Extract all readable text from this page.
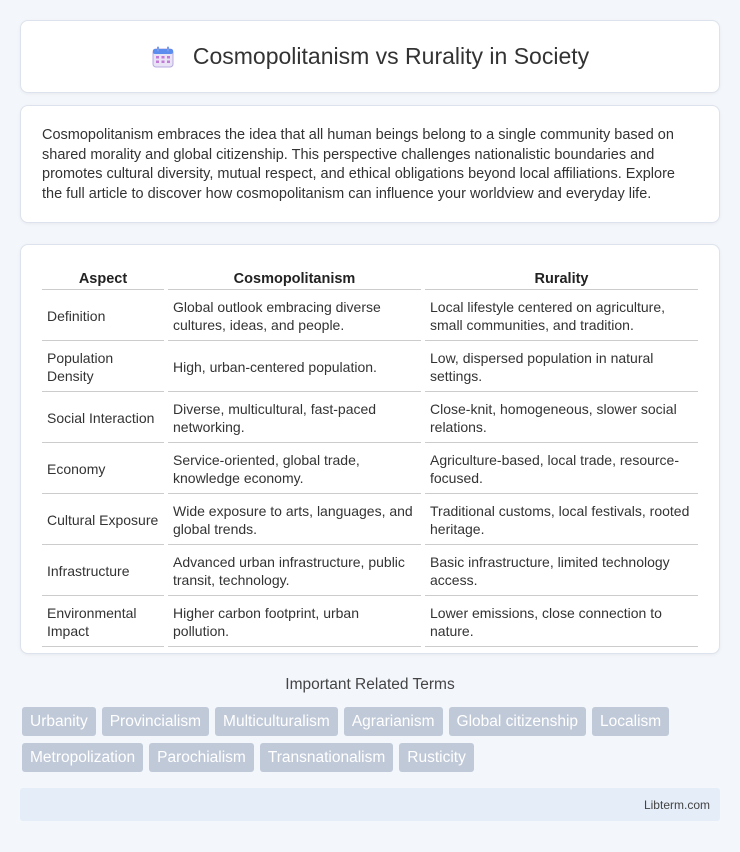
Cosmopolitanism vs Rurality in Society

Cosmopolitanism embraces the idea that all human beings belong to a single community based on shared morality and global citizenship. This perspective challenges nationalistic boundaries and promotes cultural diversity, mutual respect, and ethical obligations beyond local affiliations. Explore the full article to discover how cosmopolitanism can influence your worldview and everyday life.

Aspect	Cosmopolitanism	Rurality
Definition	Global outlook embracing diverse cultures, ideas, and people.	Local lifestyle centered on agriculture, small communities, and tradition.
Population Density	High, urban-centered population.	Low, dispersed population in natural settings.
Social Interaction	Diverse, multicultural, fast-paced networking.	Close-knit, homogeneous, slower social relations.
Economy	Service-oriented, global trade, knowledge economy.	Agriculture-based, local trade, resource-focused.
Cultural Exposure	Wide exposure to arts, languages, and global trends.	Traditional customs, local festivals, rooted heritage.
Infrastructure	Advanced urban infrastructure, public transit, technology.	Basic infrastructure, limited technology access.
Environmental Impact	Higher carbon footprint, urban pollution.	Lower emissions, close connection to nature.
Important Related Terms
Urbanity	Provincialism	Multiculturalism	Agrarianism	Global citizenship	Localism
Metropolization	Parochialism	Transnationalism	Rusticity
Libterm.com
